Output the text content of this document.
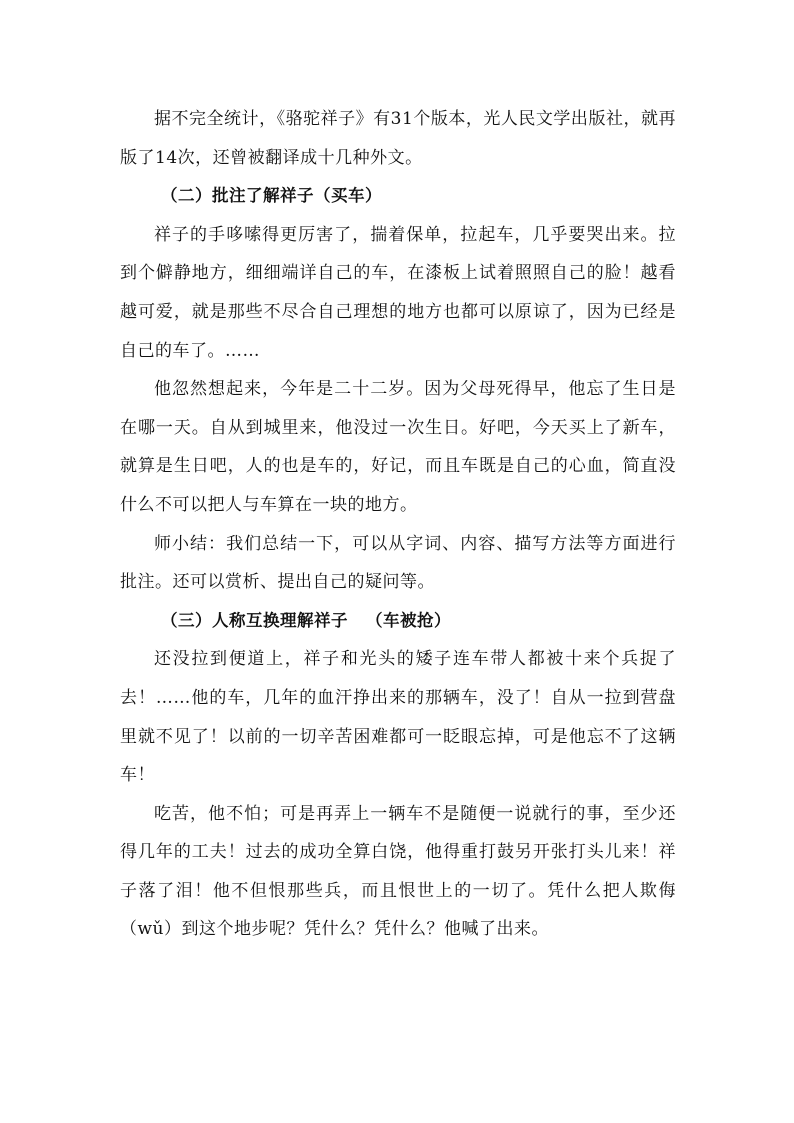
据不完全统计，《骆驼祥子》有31个版本，光人民文学出版社，就再版了14次，还曾被翻译成十几种外文。

（二）批注了解祥子（买车）

祥子的手哆嗦得更厉害了，揣着保单，拉起车，几乎要哭出来。拉到个僻静地方，细细端详自己的车，在漆板上试着照照自己的脸！越看越可爱，就是那些不尽合自己理想的地方也都可以原谅了，因为已经是自己的车了。……

他忽然想起来，今年是二十二岁。因为父母死得早，他忘了生日是在哪一天。自从到城里来，他没过一次生日。好吧，今天买上了新车，就算是生日吧，人的也是车的，好记，而且车既是自己的心血，简直没什么不可以把人与车算在一块的地方。

师小结：我们总结一下，可以从字词、内容、描写方法等方面进行批注。还可以赏析、提出自己的疑问等。

（三）人称互换理解祥子 （车被抢）

还没拉到便道上，祥子和光头的矮子连车带人都被十来个兵捉了去！……他的车，几年的血汗挣出来的那辆车，没了！自从一拉到营盘里就不见了！以前的一切辛苦困难都可一眨眼忘掉，可是他忘不了这辆车！

吃苦，他不怕；可是再弄上一辆车不是随便一说就行的事，至少还得几年的工夫！过去的成功全算白饶，他得重打鼓另开张打头儿来！祥子落了泪！他不但恨那些兵，而且恨世上的一切了。凭什么把人欺侮（wǔ）到这个地步呢？凭什么？凭什么？他喊了出来。
